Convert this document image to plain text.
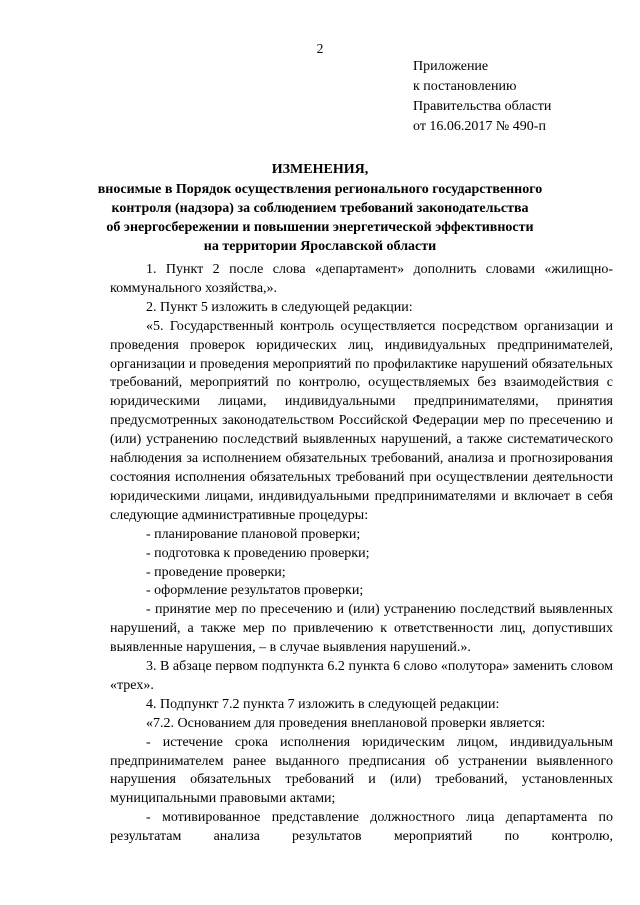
2
Приложение
к постановлению
Правительства области
от 16.06.2017 № 490-п
ИЗМЕНЕНИЯ,
вносимые в Порядок осуществления регионального государственного
контроля (надзора) за соблюдением требований законодательства
об энергосбережении и повышении энергетической эффективности
на территории Ярославской области

1. Пункт 2 после слова «департамент» дополнить словами «жилищно-коммунального хозяйства,».

2. Пункт 5 изложить в следующей редакции:

«5. Государственный контроль осуществляется посредством организации и проведения проверок юридических лиц, индивидуальных предпринимателей, организации и проведения мероприятий по профилактике нарушений обязательных требований, мероприятий по контролю, осуществляемых без взаимодействия с юридическими лицами, индивидуальными предпринимателями, принятия предусмотренных законодательством Российской Федерации мер по пресечению и (или) устранению последствий выявленных нарушений, а также систематического наблюдения за исполнением обязательных требований, анализа и прогнозирования состояния исполнения обязательных требований при осуществлении деятельности юридическими лицами, индивидуальными предпринимателями и включает в себя следующие административные процедуры:

- планирование плановой проверки;

- подготовка к проведению проверки;

- проведение проверки;

- оформление результатов проверки;

- принятие мер по пресечению и (или) устранению последствий выявленных нарушений, а также мер по привлечению к ответственности лиц, допустивших выявленные нарушения, – в случае выявления нарушений.».

3. В абзаце первом подпункта 6.2 пункта 6 слово «полутора» заменить словом «трех».

4. Подпункт 7.2 пункта 7 изложить в следующей редакции:

«7.2. Основанием для проведения внеплановой проверки является:

- истечение срока исполнения юридическим лицом, индивидуальным предпринимателем ранее выданного предписания об устранении выявленного нарушения обязательных требований и (или) требований, установленных муниципальными правовыми актами;

- мотивированное представление должностного лица департамента по результатам анализа результатов мероприятий по контролю,
